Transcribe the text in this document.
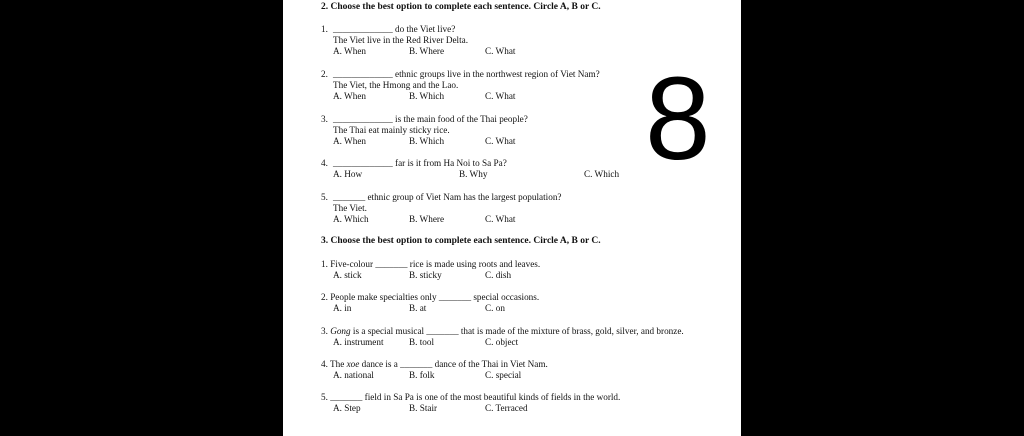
2. Choose the best option to complete each sentence. Circle A, B or C.
1. _____________ do the Viet live?
The Viet live in the Red River Delta.
A. When	B. Where	C. What
2. _____________ ethnic groups live in the northwest region of Viet Nam?
The Viet, the Hmong and the Lao.
A. When	B. Which	C. What
3. _____________ is the main food of the Thai people?
The Thai eat mainly sticky rice.
A. When	B. Which	C. What
4. _____________ far is it from Ha Noi to Sa Pa?
A. How	B. Why	C. Which
5. _______ ethnic group of Viet Nam has the largest population?
The Viet.
A. Which	B. Where	C. What
8
3. Choose the best option to complete each sentence. Circle A, B or C.
1. Five-colour _______ rice is made using roots and leaves.
A. stick	B. sticky	C. dish
2. People make specialties only _______ special occasions.
A. in	B. at	C. on
3. Gong is a special musical _______ that is made of the mixture of brass, gold, silver, and bronze.
A. instrument	B. tool	C. object
4. The xoe dance is a _______ dance of the Thai in Viet Nam.
A. national	B. folk	C. special
5. _______ field in Sa Pa is one of the most beautiful kinds of fields in the world.
A. Step	B. Stair	C. Terraced
